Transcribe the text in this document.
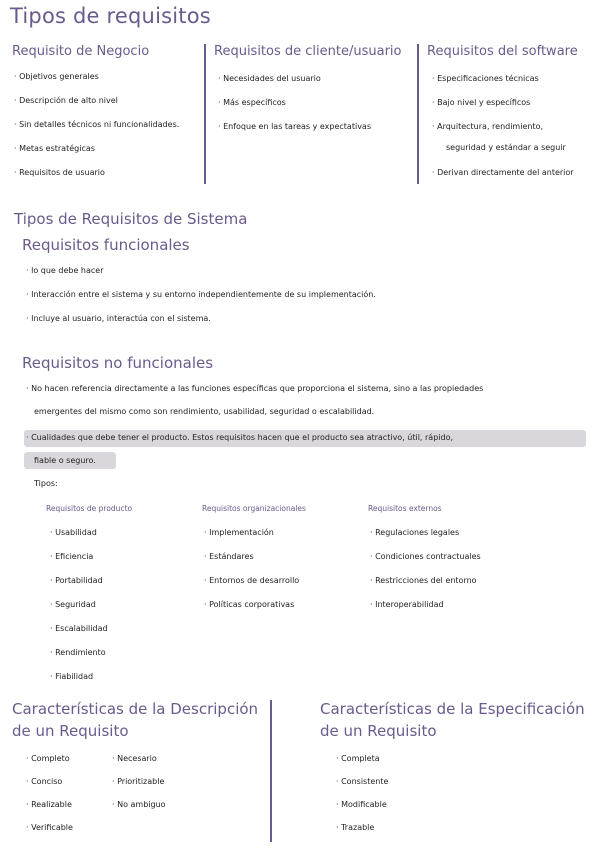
Tipos de requisitos
Requisito de Negocio
· Objetivos generales
· Descripción de alto nivel
· Sin detalles técnicos ni funcionalidades.
· Metas estratégicas
· Requisitos de usuario
Requisitos de cliente/usuario
· Necesidades del usuario
· Más específicos
· Enfoque en las tareas y expectativas
Requisitos del software
· Especificaciones técnicas
· Bajo nivel y específicos
· Arquitectura, rendimiento,
seguridad y estándar a seguir
· Derivan directamente del anterior
Tipos de Requisitos de Sistema
Requisitos funcionales
· lo que debe hacer
· Interacción entre el sistema y su entorno independientemente de su implementación.
· Incluye al usuario, interactúa con el sistema.
Requisitos no funcionales
· No hacen referencia directamente a las funciones específicas que proporciona el sistema, sino a las propiedades
emergentes del mismo como son rendimiento, usabilidad, seguridad o escalabilidad.
· Cualidades que debe tener el producto. Estos requisitos hacen que el producto sea atractivo, útil, rápido,
fiable o seguro.
Tipos:
Requisitos de producto
· Usabilidad
· Eficiencia
· Portabilidad
· Seguridad
· Escalabilidad
· Rendimiento
· Fiabilidad
Requisitos organizacionales
· Implementación
· Estándares
· Entornos de desarrollo
· Políticas corporativas
Requisitos externos
· Regulaciones legales
· Condiciones contractuales
· Restricciones del entorno
· Interoperabilidad
Características de la Descripción
de un Requisito
· Completo
· Conciso
· Realizable
· Verificable
· Necesario
· Prioritizable
· No ambiguo
Características de la Especificación
de un Requisito
· Completa
· Consistente
· Modificable
· Trazable
